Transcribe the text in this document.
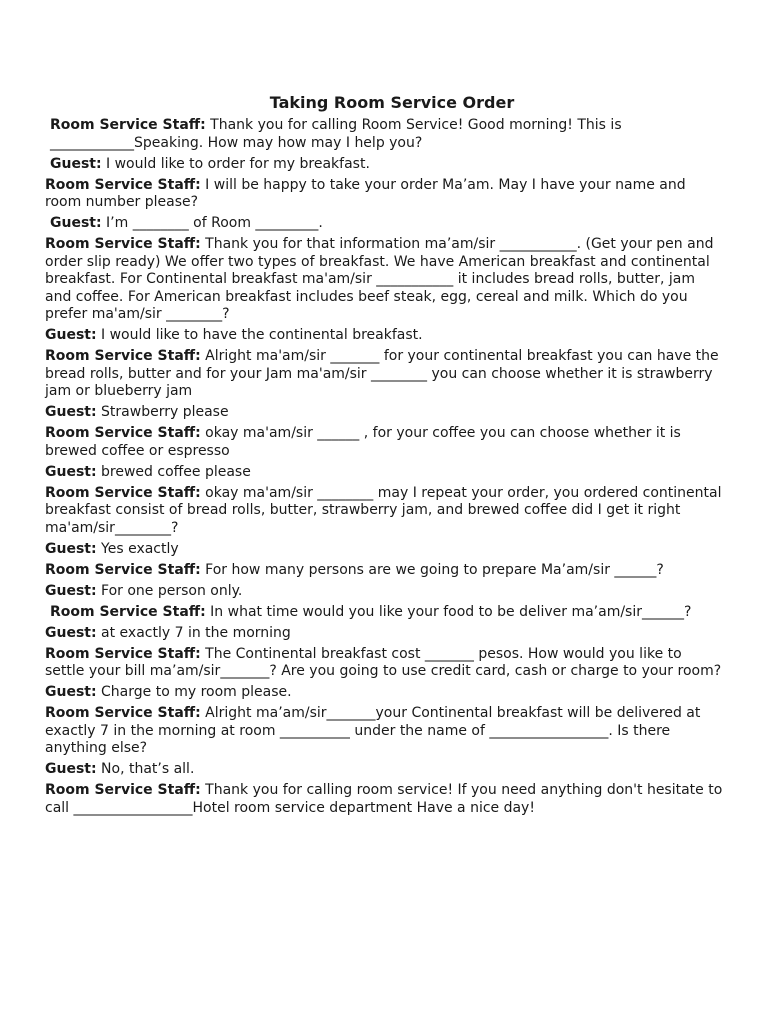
Taking Room Service Order

Room Service Staff: Thank you for calling Room Service! Good morning! This is ____________Speaking. How may how may I help you?

Guest: I would like to order for my breakfast.

Room Service Staff: I will be happy to take your order Ma’am. May I have your name and room number please?

Guest: I’m ________ of Room _________.

Room Service Staff: Thank you for that information ma’am/sir ___________. (Get your pen and order slip ready) We offer two types of breakfast. We have American breakfast and continental breakfast. For Continental breakfast ma'am/sir ___________ it includes bread rolls, butter, jam and coffee. For American breakfast includes beef steak, egg, cereal and milk. Which do you prefer ma'am/sir ________?

Guest: I would like to have the continental breakfast.

Room Service Staff: Alright ma'am/sir _______ for your continental breakfast you can have the bread rolls, butter and for your Jam ma'am/sir ________ you can choose whether it is strawberry jam or blueberry jam

Guest: Strawberry please

Room Service Staff: okay ma'am/sir ______ , for your coffee you can choose whether it is brewed coffee or espresso

Guest: brewed coffee please

Room Service Staff: okay ma'am/sir ________ may I repeat your order, you ordered continental breakfast consist of bread rolls, butter, strawberry jam, and brewed coffee did I get it right ma'am/sir________?

Guest: Yes exactly

Room Service Staff: For how many persons are we going to prepare Ma’am/sir ______?

Guest: For one person only.

Room Service Staff: In what time would you like your food to be deliver ma’am/sir______?

Guest: at exactly 7 in the morning

Room Service Staff: The Continental breakfast cost _______ pesos. How would you like to settle your bill ma’am/sir_______? Are you going to use credit card, cash or charge to your room?

Guest: Charge to my room please.

Room Service Staff: Alright ma’am/sir_______your Continental breakfast will be delivered at exactly 7 in the morning at room __________ under the name of _________________. Is there anything else?

Guest: No, that’s all.

Room Service Staff: Thank you for calling room service! If you need anything don't hesitate to call _________________Hotel room service department Have a nice day!
